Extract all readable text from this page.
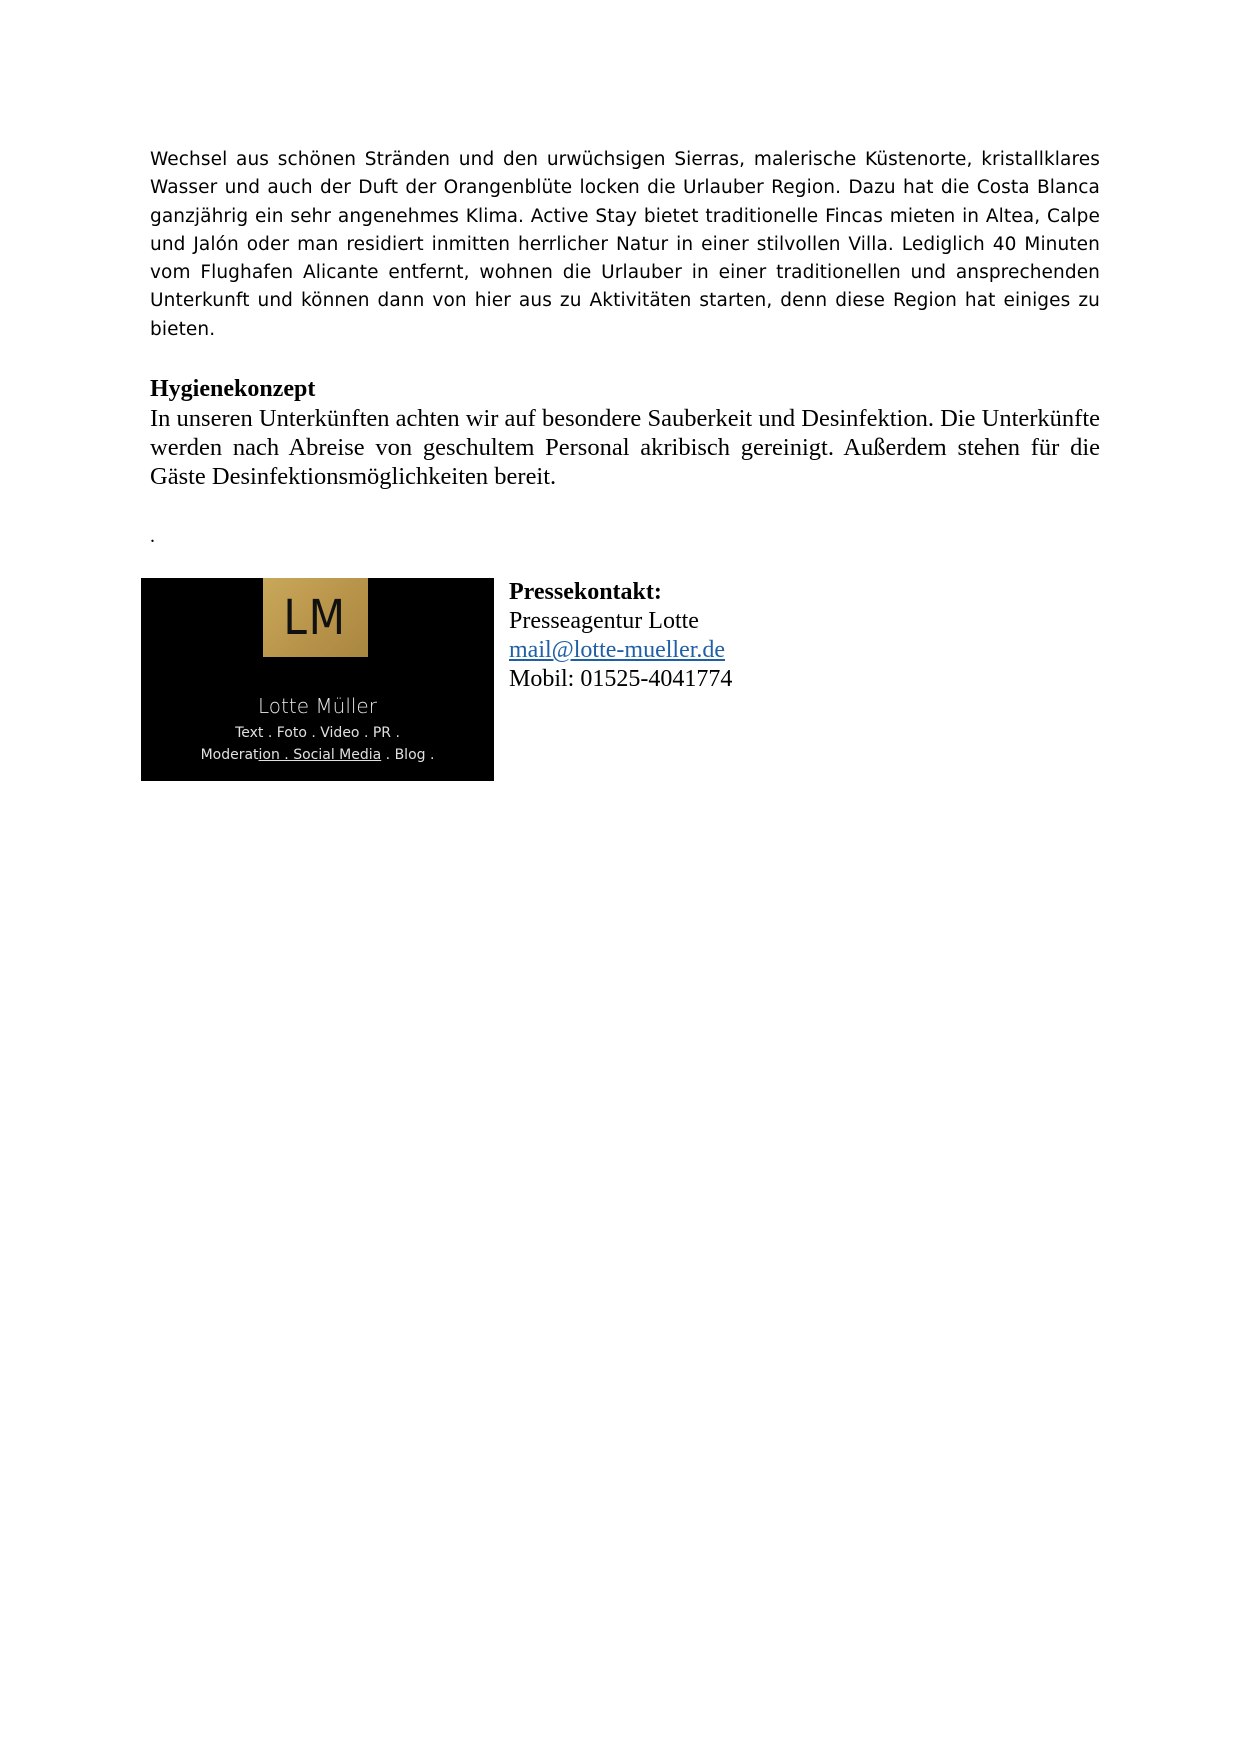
Wechsel aus schönen Stränden und den urwüchsigen Sierras, malerische Küstenorte, kristallklares Wasser und auch der Duft der Orangenblüte locken die Urlauber Region. Dazu hat die Costa Blanca ganzjährig ein sehr angenehmes Klima. Active Stay bietet traditionelle Fincas mieten in Altea, Calpe und Jalón oder man residiert inmitten herrlicher Natur in einer stilvollen Villa. Lediglich 40 Minuten vom Flughafen Alicante entfernt, wohnen die Urlauber in einer traditionellen und ansprechenden Unterkunft und können dann von hier aus zu Aktivitäten starten, denn diese Region hat einiges zu bieten.

Hygienekonzept

In unseren Unterkünften achten wir auf besondere Sauberkeit und Desinfektion. Die Unterkünfte werden nach Abreise von geschultem Personal akribisch gereinigt. Außerdem stehen für die Gäste Desinfektionsmöglichkeiten bereit.

.

LM
Lotte Müller
Text . Foto . Video . PR .
Moderation . Social Media . Blog .
Pressekontakt:
Presseagentur Lotte
mail@lotte-mueller.de
Mobil: 01525-4041774
